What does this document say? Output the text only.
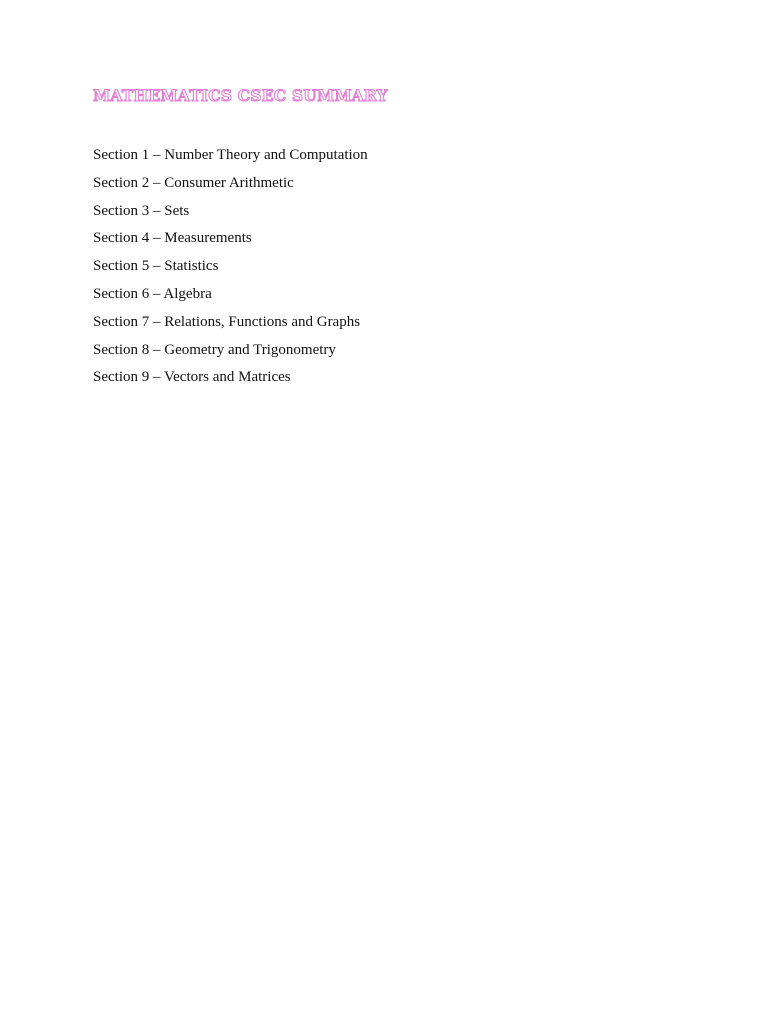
MATHEMATICS CSEC SUMMARY
Section 1 – Number Theory and Computation
Section 2 – Consumer Arithmetic
Section 3 – Sets
Section 4 – Measurements
Section 5 – Statistics
Section 6 – Algebra
Section 7 – Relations, Functions and Graphs
Section 8 – Geometry and Trigonometry
Section 9 – Vectors and Matrices
